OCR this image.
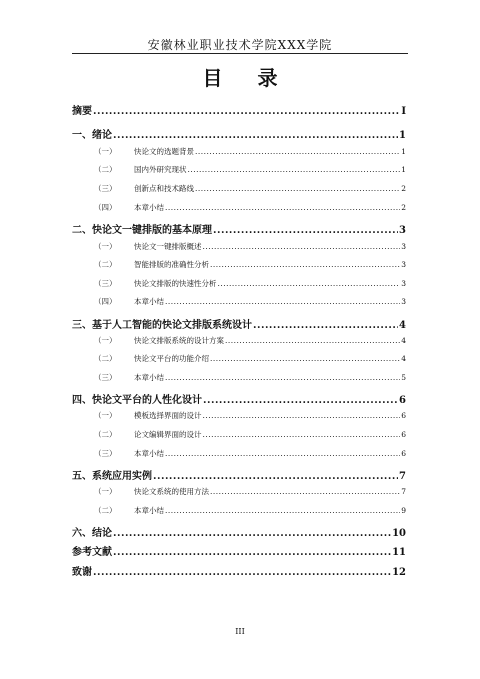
安徽林业职业技术学院XXX学院
目 录
摘要 .....	I
一、绪论 .....	1
（一）	快论文的选题背景 .....	1
（二）	国内外研究现状 .....	1
（三）	创新点和技术路线 .....	2
（四）	本章小结 .....	2
二、快论文一键排版的基本原理 .....	3
（一）	快论文一键排版概述 .....	3
（二）	智能排版的准确性分析 .....	3
（三）	快论文排版的快速性分析 .....	3
（四）	本章小结 .....	3
三、基于人工智能的快论文排版系统设计 .....	4
（一）	快论文排版系统的设计方案 .....	4
（二）	快论文平台的功能介绍 .....	4
（三）	本章小结 .....	5
四、快论文平台的人性化设计 .....	6
（一）	模板选择界面的设计 .....	6
（二）	论文编辑界面的设计 .....	6
（三）	本章小结 .....	6
五、系统应用实例 .....	7
（一）	快论文系统的使用方法 .....	7
（二）	本章小结 .....	9
六、结论 .....	10
参考文献 .....	11
致谢 .....	12
III
